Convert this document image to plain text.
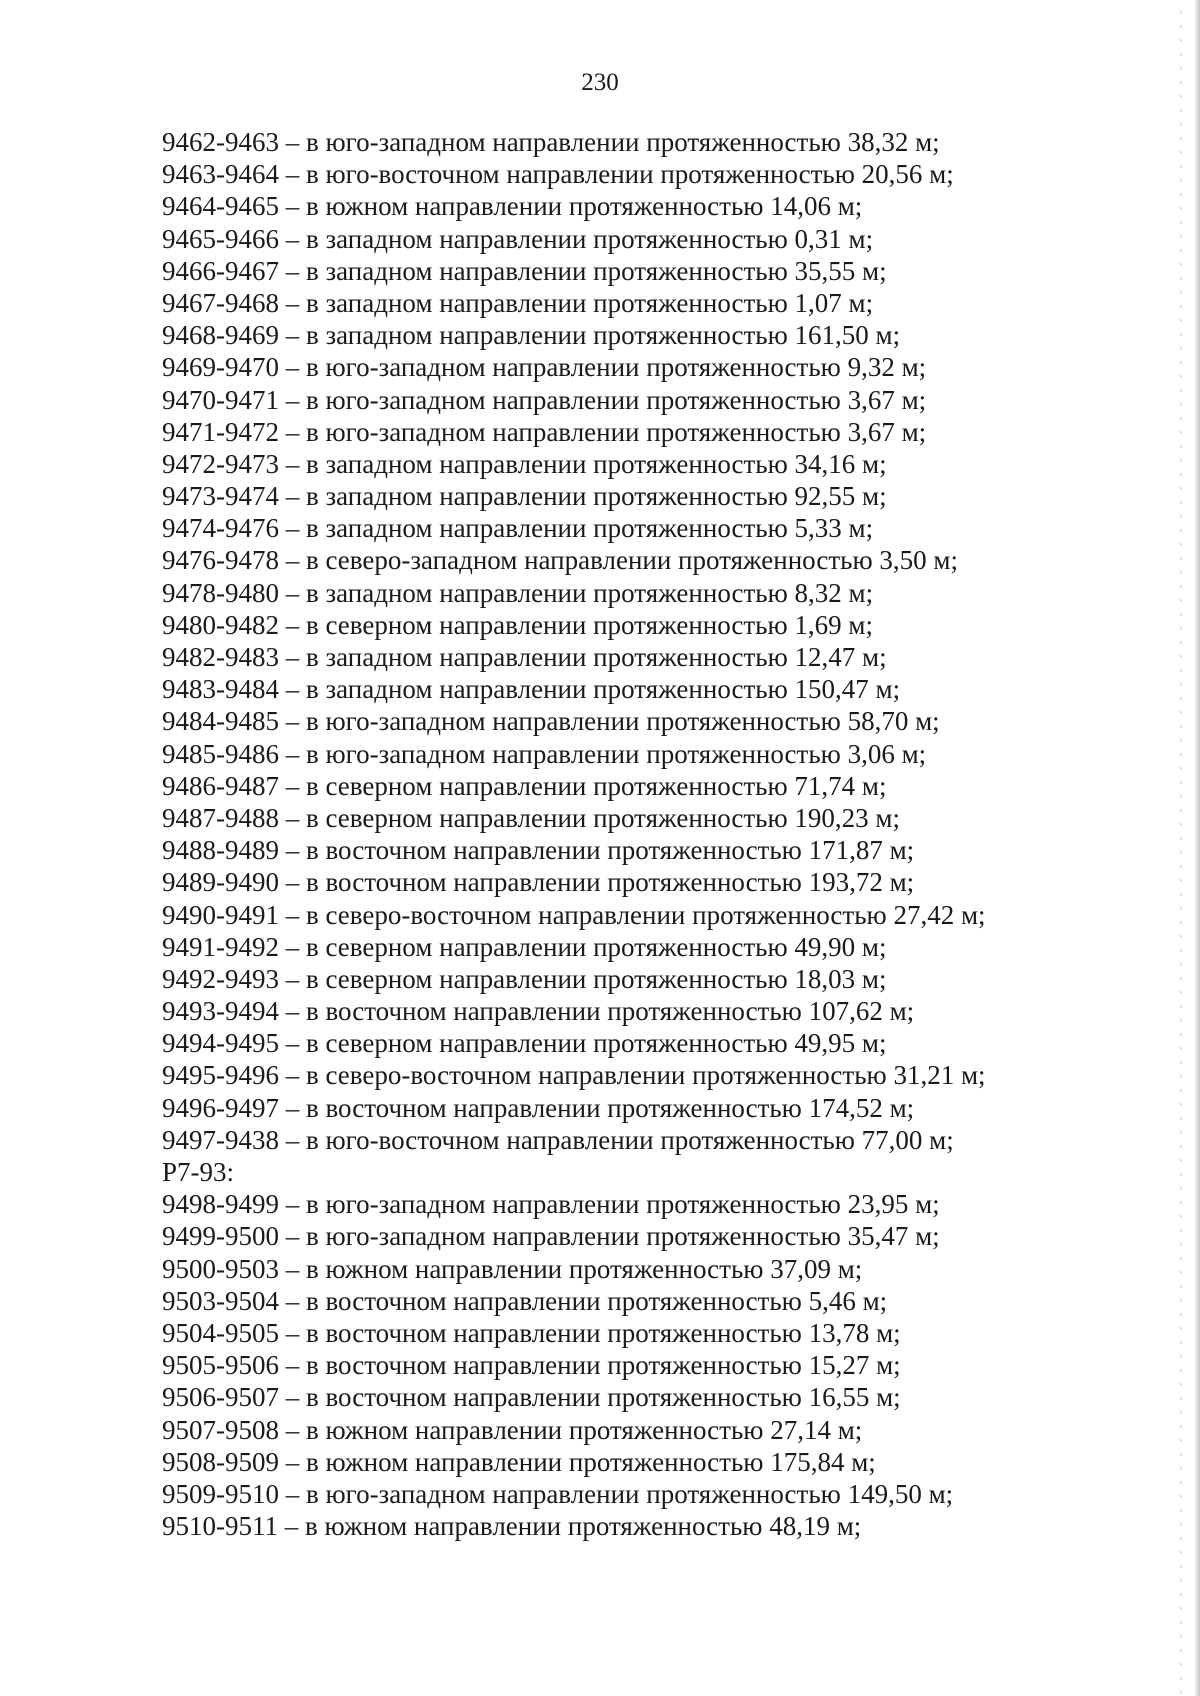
230
9462-9463 – в юго-западном направлении протяженностью 38,32 м;
9463-9464 – в юго-восточном направлении протяженностью 20,56 м;
9464-9465 – в южном направлении протяженностью 14,06 м;
9465-9466 – в западном направлении протяженностью 0,31 м;
9466-9467 – в западном направлении протяженностью 35,55 м;
9467-9468 – в западном направлении протяженностью 1,07 м;
9468-9469 – в западном направлении протяженностью 161,50 м;
9469-9470 – в юго-западном направлении протяженностью 9,32 м;
9470-9471 – в юго-западном направлении протяженностью 3,67 м;
9471-9472 – в юго-западном направлении протяженностью 3,67 м;
9472-9473 – в западном направлении протяженностью 34,16 м;
9473-9474 – в западном направлении протяженностью 92,55 м;
9474-9476 – в западном направлении протяженностью 5,33 м;
9476-9478 – в северо-западном направлении протяженностью 3,50 м;
9478-9480 – в западном направлении протяженностью 8,32 м;
9480-9482 – в северном направлении протяженностью 1,69 м;
9482-9483 – в западном направлении протяженностью 12,47 м;
9483-9484 – в западном направлении протяженностью 150,47 м;
9484-9485 – в юго-западном направлении протяженностью 58,70 м;
9485-9486 – в юго-западном направлении протяженностью 3,06 м;
9486-9487 – в северном направлении протяженностью 71,74 м;
9487-9488 – в северном направлении протяженностью 190,23 м;
9488-9489 – в восточном направлении протяженностью 171,87 м;
9489-9490 – в восточном направлении протяженностью 193,72 м;
9490-9491 – в северо-восточном направлении протяженностью 27,42 м;
9491-9492 – в северном направлении протяженностью 49,90 м;
9492-9493 – в северном направлении протяженностью 18,03 м;
9493-9494 – в восточном направлении протяженностью 107,62 м;
9494-9495 – в северном направлении протяженностью 49,95 м;
9495-9496 – в северо-восточном направлении протяженностью 31,21 м;
9496-9497 – в восточном направлении протяженностью 174,52 м;
9497-9438 – в юго-восточном направлении протяженностью 77,00 м;
Р7-93:
9498-9499 – в юго-западном направлении протяженностью 23,95 м;
9499-9500 – в юго-западном направлении протяженностью 35,47 м;
9500-9503 – в южном направлении протяженностью 37,09 м;
9503-9504 – в восточном направлении протяженностью 5,46 м;
9504-9505 – в восточном направлении протяженностью 13,78 м;
9505-9506 – в восточном направлении протяженностью 15,27 м;
9506-9507 – в восточном направлении протяженностью 16,55 м;
9507-9508 – в южном направлении протяженностью 27,14 м;
9508-9509 – в южном направлении протяженностью 175,84 м;
9509-9510 – в юго-западном направлении протяженностью 149,50 м;
9510-9511 – в южном направлении протяженностью 48,19 м;
